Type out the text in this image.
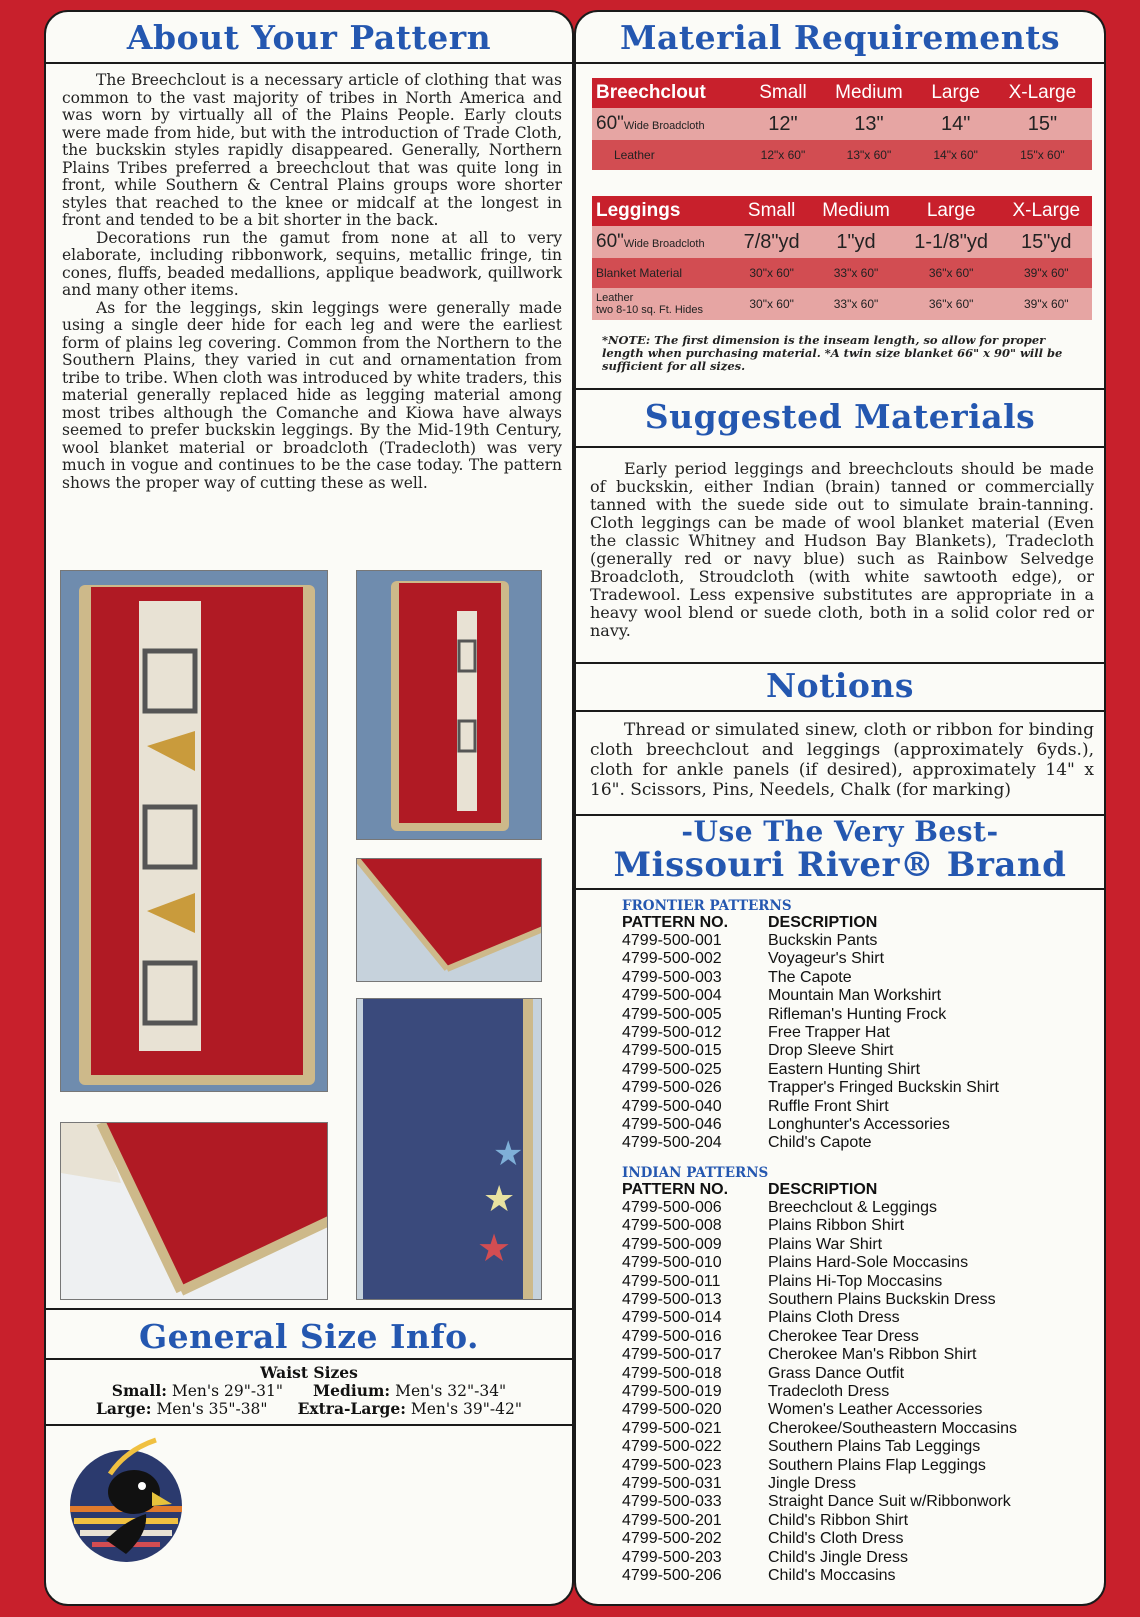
About Your Pattern

The Breechclout is a necessary article of clothing that was common to the vast majority of tribes in North America and was worn by virtually all of the Plains People. Early clouts were made from hide, but with the introduction of Trade Cloth, the buckskin styles rapidly disappeared. Generally, Northern Plains Tribes preferred a breechclout that was quite long in front, while Southern & Central Plains groups wore shorter styles that reached to the knee or midcalf at the longest in front and tended to be a bit shorter in the back.

Decorations run the gamut from none at all to very elaborate, including ribbonwork, sequins, metallic fringe, tin cones, fluffs, beaded medallions, applique beadwork, quillwork and many other items.

As for the leggings, skin leggings were generally made using a single deer hide for each leg and were the earliest form of plains leg covering. Common from the Northern to the Southern Plains, they varied in cut and ornamentation from tribe to tribe. When cloth was introduced by white traders, this material generally replaced hide as legging material among most tribes although the Comanche and Kiowa have always seemed to prefer buckskin leggings. By the Mid-19th Century, wool blanket material or broadcloth (Tradecloth) was very much in vogue and continues to be the case today. The pattern shows the proper way of cutting these as well.

★
★
★
General Size Info.
Waist Sizes
Small: Men's 29"-31" Medium: Men's 32"-34"
Large: Men's 35"-38" Extra-Large: Men's 39"-42"
Material Requirements
Breechclout	Small	Medium	Large	X-Large
60"Wide Broadcloth	12"	13"	14"	15"
Leather	12"x 60"	13"x 60"	14"x 60"	15"x 60"
Leggings	Small	Medium	Large	X-Large
60"Wide Broadcloth	7/8"yd	1"yd	1-1/8"yd	15"yd
Blanket Material	30"x 60"	33"x 60"	36"x 60"	39"x 60"

Leather
two 8-10 sq. Ft. Hides	30"x 60"	33"x 60"	36"x 60"	39"x 60"
*NOTE: The first dimension is the inseam length, so allow for proper length when purchasing material. *A twin size blanket 66" x 90" will be sufficient for all sizes.
Suggested Materials

Early period leggings and breechclouts should be made of buckskin, either Indian (brain) tanned or commercially tanned with the suede side out to simulate brain-tanning. Cloth leggings can be made of wool blanket material (Even the classic Whitney and Hudson Bay Blankets), Tradecloth (generally red or navy blue) such as Rainbow Selvedge Broadcloth, Stroudcloth (with white sawtooth edge), or Tradewool. Less expensive substitutes are appropriate in a heavy wool blend or suede cloth, both in a solid color red or navy.

Notions

Thread or simulated sinew, cloth or ribbon for binding cloth breechclout and leggings (approximately 6yds.), cloth for ankle panels (if desired), approximately 14" x 16". Scissors, Pins, Needels, Chalk (for marking)

-Use The Very Best-
Missouri River® Brand
FRONTIER PATTERNS
PATTERN NO.	DESCRIPTION
4799-500-001	Buckskin Pants
4799-500-002	Voyageur's Shirt
4799-500-003	The Capote
4799-500-004	Mountain Man Workshirt
4799-500-005	Rifleman's Hunting Frock
4799-500-012	Free Trapper Hat
4799-500-015	Drop Sleeve Shirt
4799-500-025	Eastern Hunting Shirt
4799-500-026	Trapper's Fringed Buckskin Shirt
4799-500-040	Ruffle Front Shirt
4799-500-046	Longhunter's Accessories
4799-500-204	Child's Capote
INDIAN PATTERNS
PATTERN NO.	DESCRIPTION
4799-500-006	Breechclout & Leggings
4799-500-008	Plains Ribbon Shirt
4799-500-009	Plains War Shirt
4799-500-010	Plains Hard-Sole Moccasins
4799-500-011	Plains Hi-Top Moccasins
4799-500-013	Southern Plains Buckskin Dress
4799-500-014	Plains Cloth Dress
4799-500-016	Cherokee Tear Dress
4799-500-017	Cherokee Man's Ribbon Shirt
4799-500-018	Grass Dance Outfit
4799-500-019	Tradecloth Dress
4799-500-020	Women's Leather Accessories
4799-500-021	Cherokee/Southeastern Moccasins
4799-500-022	Southern Plains Tab Leggings
4799-500-023	Southern Plains Flap Leggings
4799-500-031	Jingle Dress
4799-500-033	Straight Dance Suit w/Ribbonwork
4799-500-201	Child's Ribbon Shirt
4799-500-202	Child's Cloth Dress
4799-500-203	Child's Jingle Dress
4799-500-206	Child's Moccasins
